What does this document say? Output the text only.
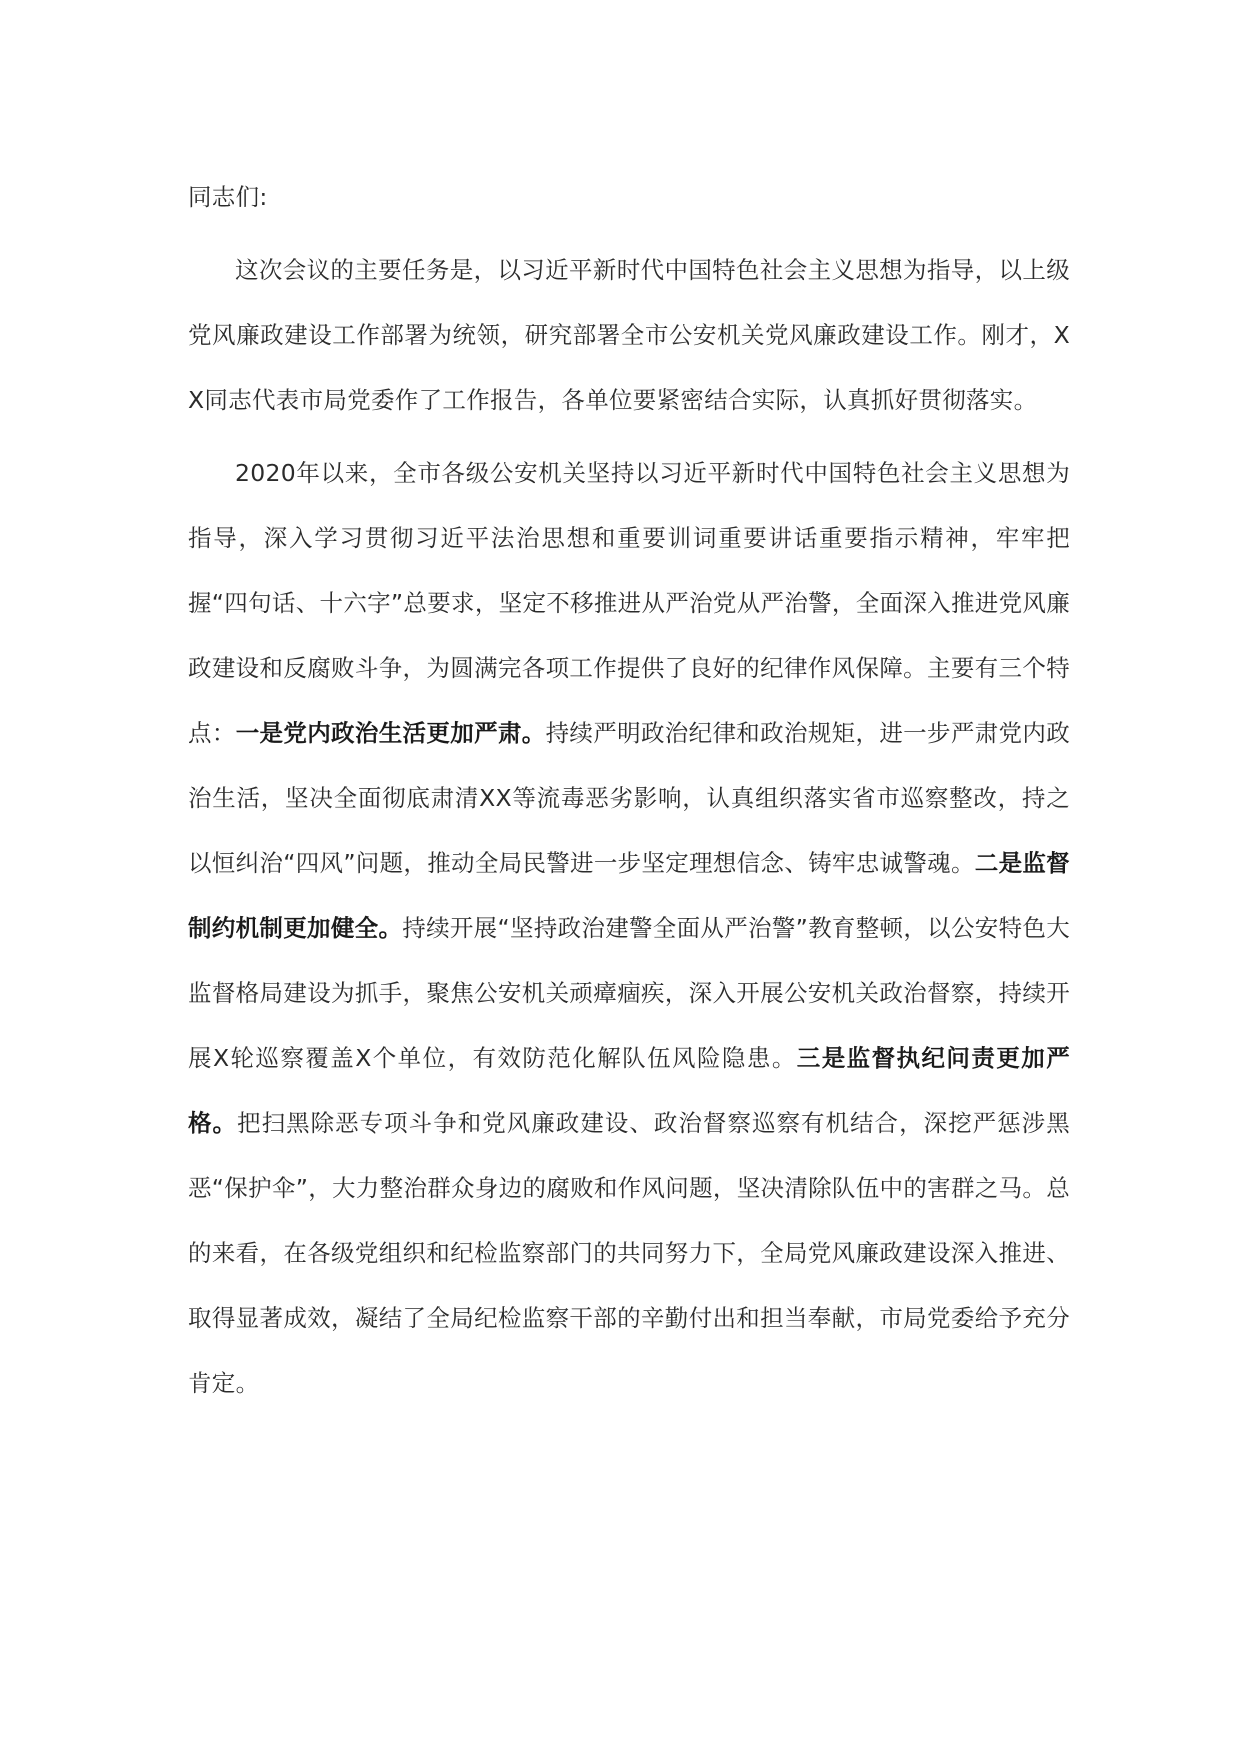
同志们:

这次会议的主要任务是，以习近平新时代中国特色社会主义思想为指导，以上级党风廉政建设工作部署为统领，研究部署全市公安机关党风廉政建设工作。刚才，XX同志代表市局党委作了工作报告，各单位要紧密结合实际，认真抓好贯彻落实。

2020年以来，全市各级公安机关坚持以习近平新时代中国特色社会主义思想为指导，深入学习贯彻习近平法治思想和重要训词重要讲话重要指示精神，牢牢把握“四句话、十六字”总要求，坚定不移推进从严治党从严治警，全面深入推进党风廉政建设和反腐败斗争，为圆满完各项工作提供了良好的纪律作风保障。主要有三个特点：一是党内政治生活更加严肃。持续严明政治纪律和政治规矩，进一步严肃党内政治生活，坚决全面彻底肃清XX等流毒恶劣影响，认真组织落实省市巡察整改，持之以恒纠治“四风”问题，推动全局民警进一步坚定理想信念、铸牢忠诚警魂。二是监督制约机制更加健全。持续开展“坚持政治建警全面从严治警”教育整顿，以公安特色大监督格局建设为抓手，聚焦公安机关顽瘴痼疾，深入开展公安机关政治督察，持续开展X轮巡察覆盖X个单位，有效防范化解队伍风险隐患。三是监督执纪问责更加严格。把扫黑除恶专项斗争和党风廉政建设、政治督察巡察有机结合，深挖严惩涉黑恶“保护伞”，大力整治群众身边的腐败和作风问题，坚决清除队伍中的害群之马。总的来看，在各级党组织和纪检监察部门的共同努力下，全局党风廉政建设深入推进、取得显著成效，凝结了全局纪检监察干部的辛勤付出和担当奉献，市局党委给予充分肯定。
